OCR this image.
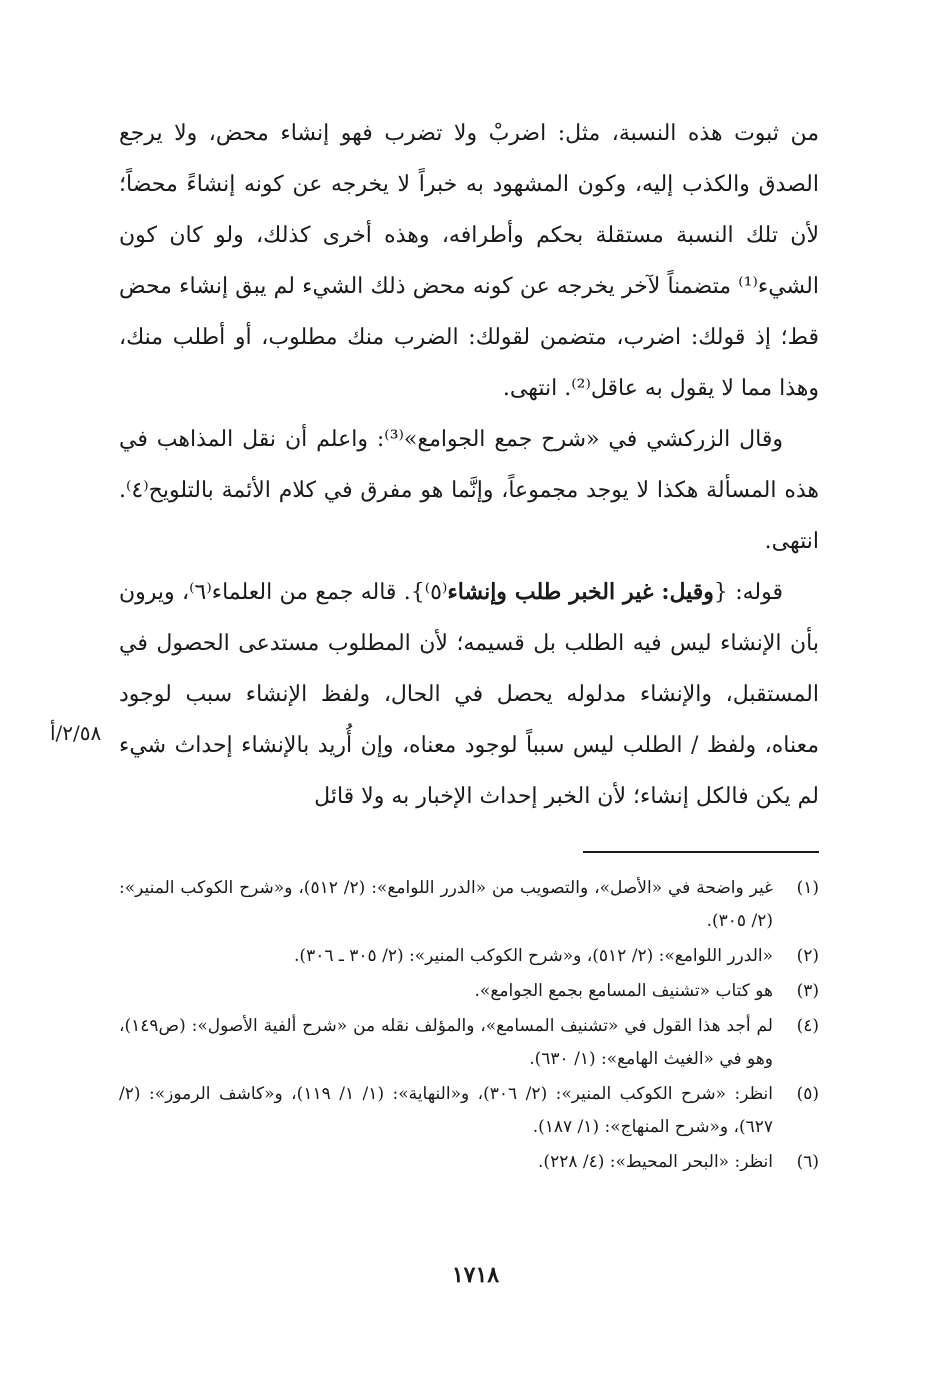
من ثبوت هذه النسبة، مثل: اضربْ ولا تضرب فهو إنشاء محض، ولا يرجع الصدق والكذب إليه، وكون المشهود به خبراً لا يخرجه عن كونه إنشاءً محضاً؛ لأن تلك النسبة مستقلة بحكم وأطرافه، وهذه أخرى كذلك، ولو كان كون الشيء⁽¹⁾ متضمناً لآخر يخرجه عن كونه محض ذلك الشيء لم يبق إنشاء محض قط؛ إذ قولك: اضرب، متضمن لقولك: الضرب منك مطلوب، أو أطلب منك، وهذا مما لا يقول به عاقل⁽²⁾. انتهى.

وقال الزركشي في «شرح جمع الجوامع»⁽³⁾: واعلم أن نقل المذاهب في هذه المسألة هكذا لا يوجد مجموعاً، وإنَّما هو مفرق في كلام الأئمة بالتلويح⁽٤⁾. انتهى.

قوله: {وقيل: غير الخبر طلب وإنشاء⁽٥⁾}. قاله جمع من العلماء⁽٦⁾، ويرون بأن الإنشاء ليس فيه الطلب بل قسيمه؛ لأن المطلوب مستدعى الحصول في المستقبل، والإنشاء مدلوله يحصل في الحال، ولفظ الإنشاء سبب لوجود معناه، ولفظ / الطلب ليس سبباً لوجود معناه، وإن أُريد بالإنشاء إحداث شيء لم يكن فالكل إنشاء؛ لأن الخبر إحداث الإخبار به ولا قائل

٢/٥٨/أ
(١)
غير واضحة في «الأصل»، والتصويب من «الدرر اللوامع»: (٢/ ٥١٢)، و«شرح الكوكب المنير»: (٢/ ٣٠٥).
(٢)
«الدرر اللوامع»: (٢/ ٥١٢)، و«شرح الكوكب المنير»: (٢/ ٣٠٥ ـ ٣٠٦).
(٣)
هو كتاب «تشنيف المسامع بجمع الجوامع».
(٤)
لم أجد هذا القول في «تشنيف المسامع»، والمؤلف نقله من «شرح ألفية الأصول»: (ص١٤٩)، وهو في «الغيث الهامع»: (١/ ٦٣٠).
(٥)
انظر: «شرح الكوكب المنير»: (٢/ ٣٠٦)، و«النهاية»: (١/ ١/ ١١٩)، و«كاشف الرموز»: (٢/ ٦٢٧)، و«شرح المنهاج»: (١/ ١٨٧).
(٦)
انظر: «البحر المحيط»: (٤/ ٢٢٨).
١٧١٨
